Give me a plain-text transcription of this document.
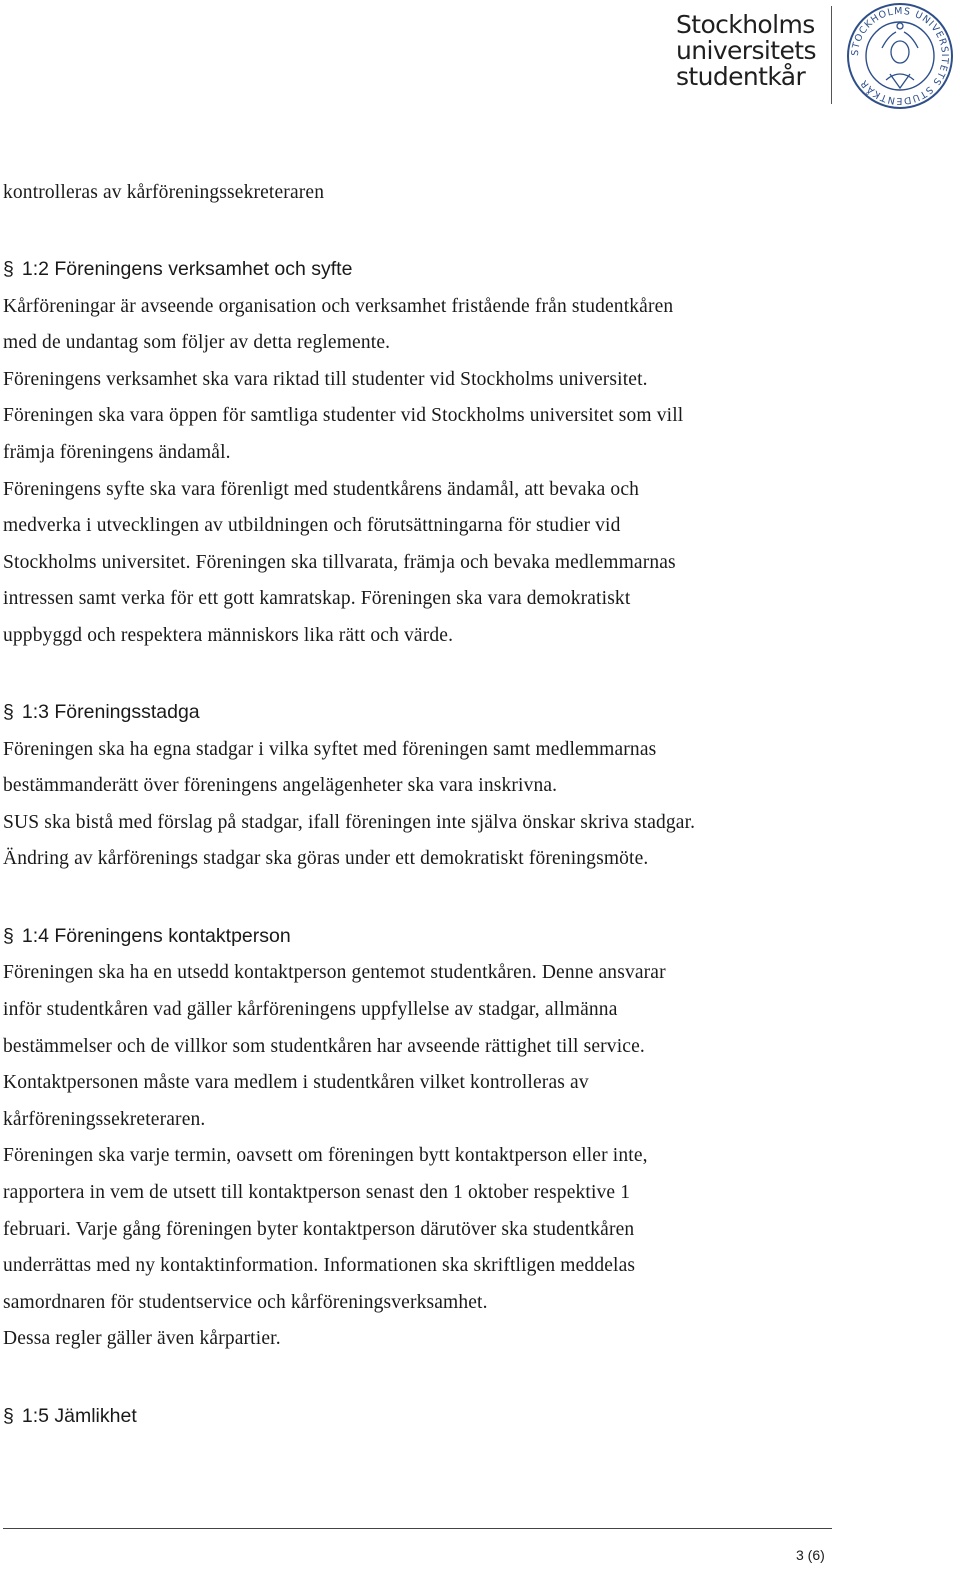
Stockholms
universitets
studentkår
STOCKHOLMS UNIVERSITETS STUDENTKÅR
kontrolleras av kårföreningssekreteraren
§ 1:2 Föreningens verksamhet och syfte
Kårföreningar är avseende organisation och verksamhet fristående från studentkåren
med de undantag som följer av detta reglemente.
Föreningens verksamhet ska vara riktad till studenter vid Stockholms universitet.
Föreningen ska vara öppen för samtliga studenter vid Stockholms universitet som vill
främja föreningens ändamål.
Föreningens syfte ska vara förenligt med studentkårens ändamål, att bevaka och
medverka i utvecklingen av utbildningen och förutsättningarna för studier vid
Stockholms universitet. Föreningen ska tillvarata, främja och bevaka medlemmarnas
intressen samt verka för ett gott kamratskap. Föreningen ska vara demokratiskt
uppbyggd och respektera människors lika rätt och värde.
§ 1:3 Föreningsstadga
Föreningen ska ha egna stadgar i vilka syftet med föreningen samt medlemmarnas
bestämmanderätt över föreningens angelägenheter ska vara inskrivna.
SUS ska bistå med förslag på stadgar, ifall föreningen inte själva önskar skriva stadgar.
Ändring av kårförenings stadgar ska göras under ett demokratiskt föreningsmöte.
§ 1:4 Föreningens kontaktperson
Föreningen ska ha en utsedd kontaktperson gentemot studentkåren. Denne ansvarar
inför studentkåren vad gäller kårföreningens uppfyllelse av stadgar, allmänna
bestämmelser och de villkor som studentkåren har avseende rättighet till service.
Kontaktpersonen måste vara medlem i studentkåren vilket kontrolleras av
kårföreningssekreteraren.
Föreningen ska varje termin, oavsett om föreningen bytt kontaktperson eller inte,
rapportera in vem de utsett till kontaktperson senast den 1 oktober respektive 1
februari. Varje gång föreningen byter kontaktperson därutöver ska studentkåren
underrättas med ny kontaktinformation. Informationen ska skriftligen meddelas
samordnaren för studentservice och kårföreningsverksamhet.
Dessa regler gäller även kårpartier.
§ 1:5 Jämlikhet
3 (6)
